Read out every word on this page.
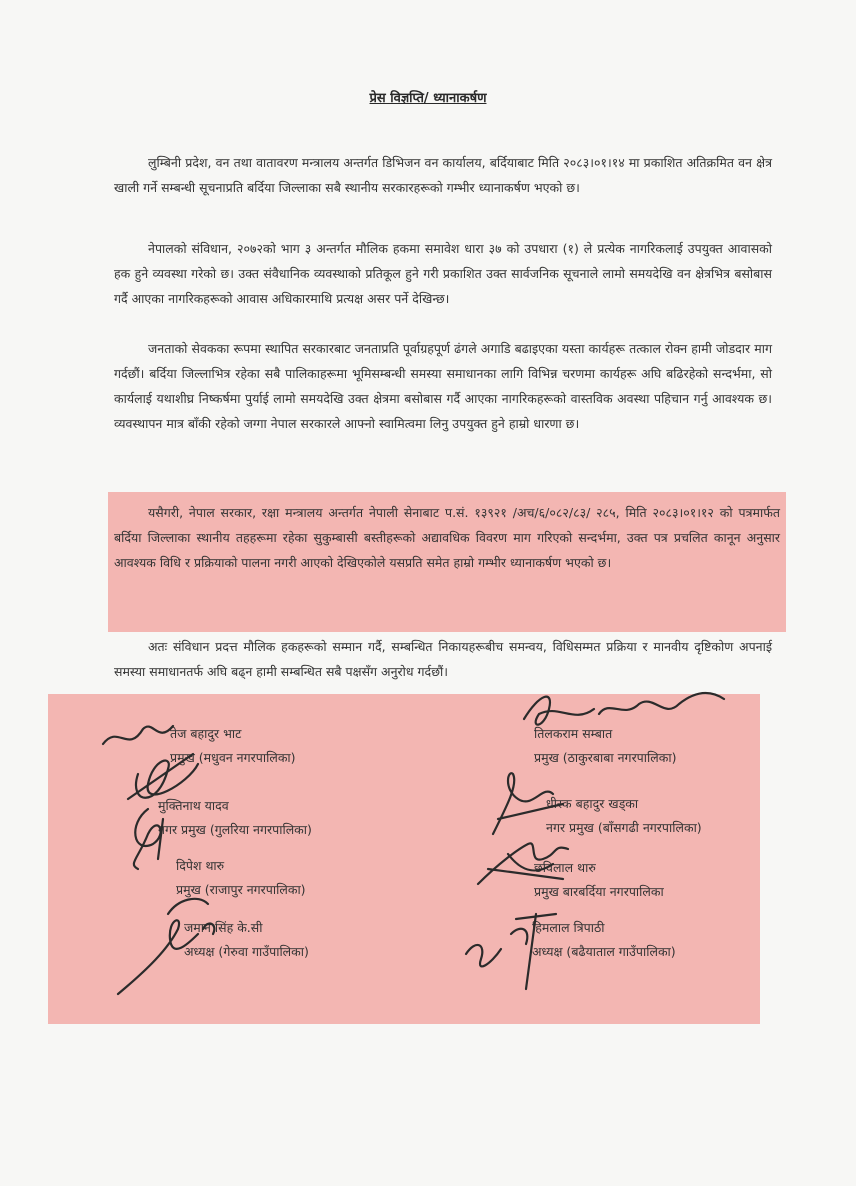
प्रेस विज्ञप्ति/ ध्यानाकर्षण

लुम्बिनी प्रदेश, वन तथा वातावरण मन्त्रालय अन्तर्गत डिभिजन वन कार्यालय, बर्दियाबाट मिति २०८३।०१।१४ मा प्रकाशित अतिक्रमित वन क्षेत्र खाली गर्ने सम्बन्धी सूचनाप्रति बर्दिया जिल्लाका सबै स्थानीय सरकारहरूको गम्भीर ध्यानाकर्षण भएको छ।

नेपालको संविधान, २०७२को भाग ३ अन्तर्गत मौलिक हकमा समावेश धारा ३७ को उपधारा (१) ले प्रत्येक नागरिकलाई उपयुक्त आवासको हक हुने व्यवस्था गरेको छ। उक्त संवैधानिक व्यवस्थाको प्रतिकूल हुने गरी प्रकाशित उक्त सार्वजनिक सूचनाले लामो समयदेखि वन क्षेत्रभित्र बसोबास गर्दै आएका नागरिकहरूको आवास अधिकारमाथि प्रत्यक्ष असर पर्ने देखिन्छ।

जनताको सेवकका रूपमा स्थापित सरकारबाट जनताप्रति पूर्वाग्रहपूर्ण ढंगले अगाडि बढाइएका यस्ता कार्यहरू तत्काल रोक्न हामी जोडदार माग गर्दछौं। बर्दिया जिल्लाभित्र रहेका सबै पालिकाहरूमा भूमिसम्बन्धी समस्या समाधानका लागि विभिन्न चरणमा कार्यहरू अघि बढिरहेको सन्दर्भमा, सो कार्यलाई यथाशीघ्र निष्कर्षमा पुर्याई लामो समयदेखि उक्त क्षेत्रमा बसोबास गर्दै आएका नागरिकहरूको वास्तविक अवस्था पहिचान गर्नु आवश्यक छ। व्यवस्थापन मात्र बाँकी रहेको जग्गा नेपाल सरकारले आफ्नो स्वामित्वमा लिनु उपयुक्त हुने हाम्रो धारणा छ।

यसैगरी, नेपाल सरकार, रक्षा मन्त्रालय अन्तर्गत नेपाली सेनाबाट प.सं. १३९२१ /अच/६/०८२/८३/ २८५, मिति २०८३।०१।१२ को पत्रमार्फत बर्दिया जिल्लाका स्थानीय तहहरूमा रहेका सुकुम्बासी बस्तीहरूको अद्यावधिक विवरण माग गरिएको सन्दर्भमा, उक्त पत्र प्रचलित कानून अनुसार आवश्यक विधि र प्रक्रियाको पालना नगरी आएको देखिएकोले यसप्रति समेत हाम्रो गम्भीर ध्यानाकर्षण भएको छ।

अतः संविधान प्रदत्त मौलिक हकहरूको सम्मान गर्दै, सम्बन्धित निकायहरूबीच समन्वय, विधिसम्मत प्रक्रिया र मानवीय दृष्टिकोण अपनाई समस्या समाधानतर्फ अघि बढ्न हामी सम्बन्धित सबै पक्षसँग अनुरोध गर्दछौं।

तेज बहादुर भाट
प्रमुख (मधुवन नगरपालिका)
मुक्तिनाथ यादव
नगर प्रमुख (गुलरिया नगरपालिका)
दिपेश थारु
प्रमुख (राजापुर नगरपालिका)
जमान सिंह के.सी
अध्यक्ष (गेरुवा गाउँपालिका)
तिलकराम सम्बात
प्रमुख (ठाकुरबाबा नगरपालिका)
धीरक बहादुर खड्का
नगर प्रमुख (बाँसगढी नगरपालिका)
छविलाल थारु
प्रमुख बारबर्दिया नगरपालिका
हिमलाल त्रिपाठी
अध्यक्ष (बढैयाताल गाउँपालिका)
